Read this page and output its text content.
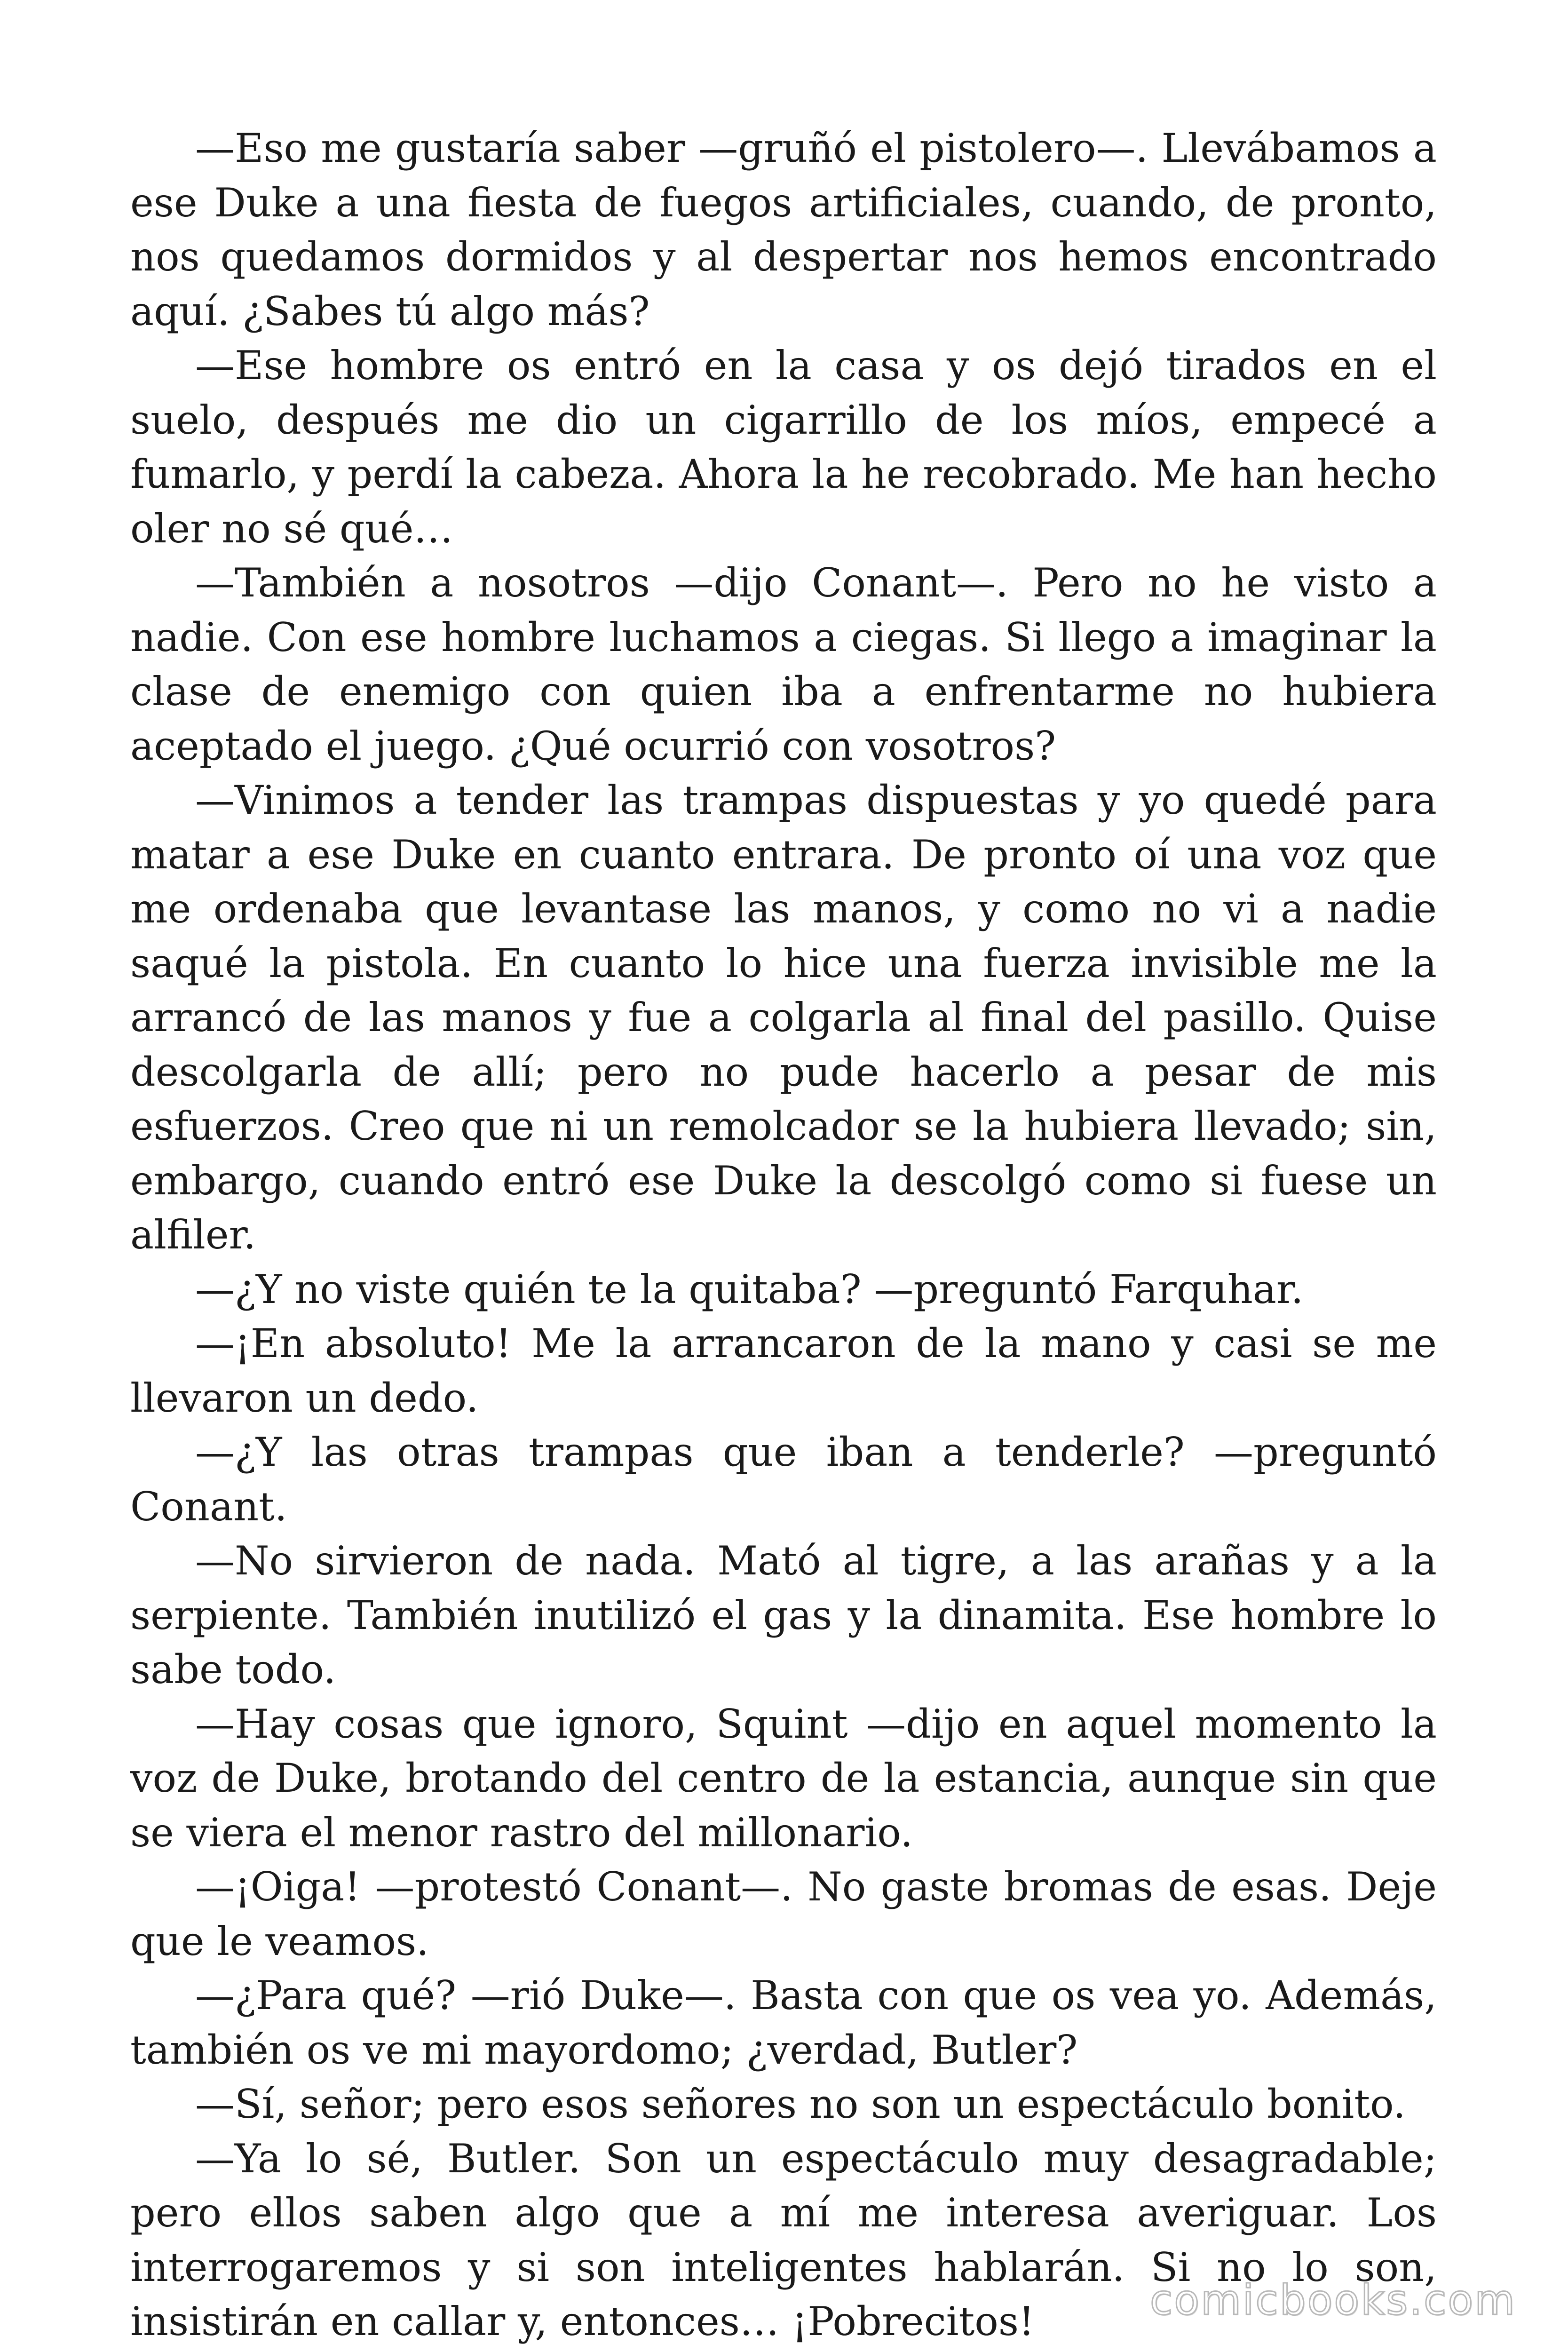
—Eso me gustaría saber —gruñó el pistolero—. Llevábamos a ese Duke a una fiesta de fuegos artificiales, cuando, de pronto, nos quedamos dormidos y al despertar nos hemos encontrado aquí. ¿Sabes tú algo más?

—Ese hombre os entró en la casa y os dejó tirados en el suelo, después me dio un cigarrillo de los míos, empecé a fumarlo, y perdí la cabeza. Ahora la he recobrado. Me han hecho oler no sé qué…

—También a nosotros —dijo Conant—. Pero no he visto a nadie. Con ese hombre luchamos a ciegas. Si llego a imaginar la clase de enemigo con quien iba a enfrentarme no hubiera aceptado el juego. ¿Qué ocurrió con vosotros?

—Vinimos a tender las trampas dispuestas y yo quedé para matar a ese Duke en cuanto entrara. De pronto oí una voz que me ordenaba que levantase las manos, y como no vi a nadie saqué la pistola. En cuanto lo hice una fuerza invisible me la arrancó de las manos y fue a colgarla al final del pasillo. Quise descolgarla de allí; pero no pude hacerlo a pesar de mis esfuerzos. Creo que ni un remolcador se la hubiera llevado; sin, embargo, cuando entró ese Duke la descolgó como si fuese un alfiler.

—¿Y no viste quién te la quitaba? —preguntó Farquhar.

—¡En absoluto! Me la arrancaron de la mano y casi se me llevaron un dedo.

—¿Y las otras trampas que iban a tenderle? —preguntó Conant.

—No sirvieron de nada. Mató al tigre, a las arañas y a la serpiente. También inutilizó el gas y la dinamita. Ese hombre lo sabe todo.

—Hay cosas que ignoro, Squint —dijo en aquel momento la voz de Duke, brotando del centro de la estancia, aunque sin que se viera el menor rastro del millonario.

—¡Oiga! —protestó Conant—. No gaste bromas de esas. Deje que le veamos.

—¿Para qué? —rió Duke—. Basta con que os vea yo. Además, también os ve mi mayordomo; ¿verdad, Butler?

—Sí, señor; pero esos señores no son un espectáculo bonito.

—Ya lo sé, Butler. Son un espectáculo muy desagradable; pero ellos saben algo que a mí me interesa averiguar. Los interrogaremos y si son inteligentes hablarán. Si no lo son, insistirán en callar y, entonces… ¡Pobrecitos!	comicbooks.com
